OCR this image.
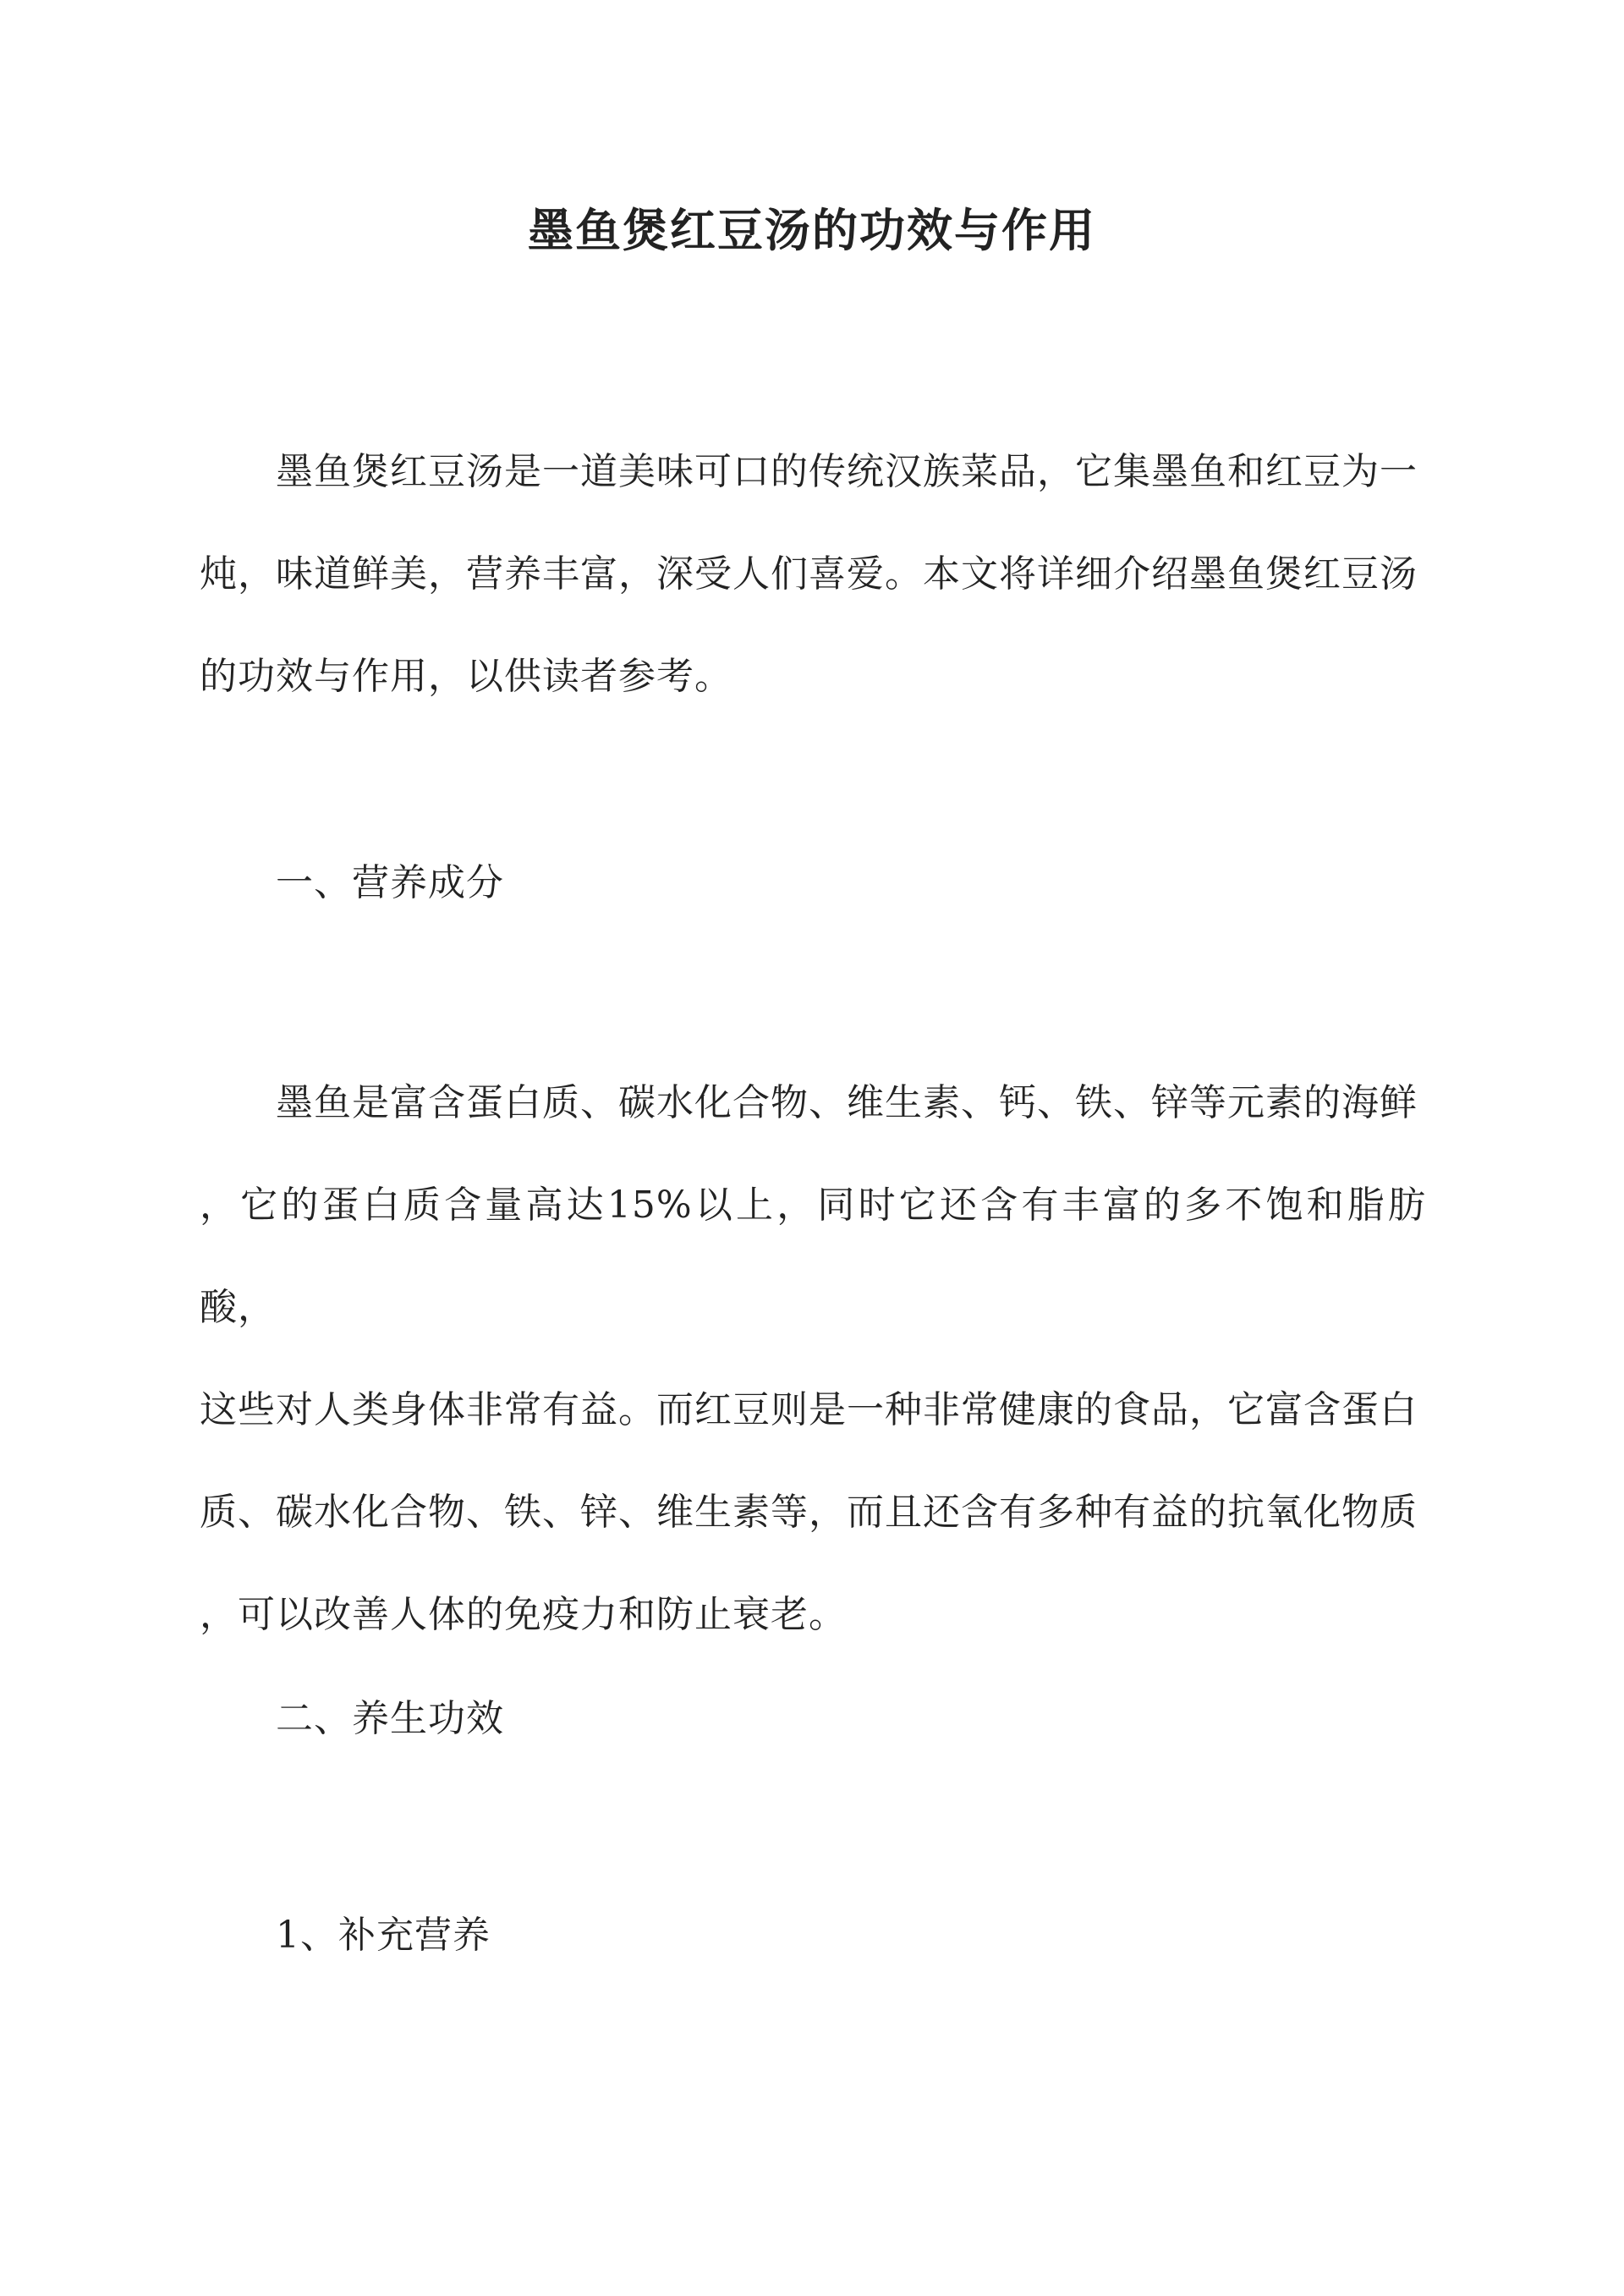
墨鱼煲红豆汤的功效与作用
墨鱼煲红豆汤是一道美味可口的传统汉族菜品，它集墨鱼和红豆为一
炖，味道鲜美，营养丰富，深受人们喜爱。本文将详细介绍墨鱼煲红豆汤
的功效与作用，以供读者参考。
一、营养成分
墨鱼是富含蛋白质、碳水化合物、维生素、钙、铁、锌等元素的海鲜
，它的蛋白质含量高达15%以上，同时它还含有丰富的多不饱和脂肪酸，
这些对人类身体非常有益。而红豆则是一种非常健康的食品，它富含蛋白
质、碳水化合物、铁、锌、维生素等，而且还含有多种有益的抗氧化物质
，可以改善人体的免疫力和防止衰老。
二、养生功效
1、补充营养
